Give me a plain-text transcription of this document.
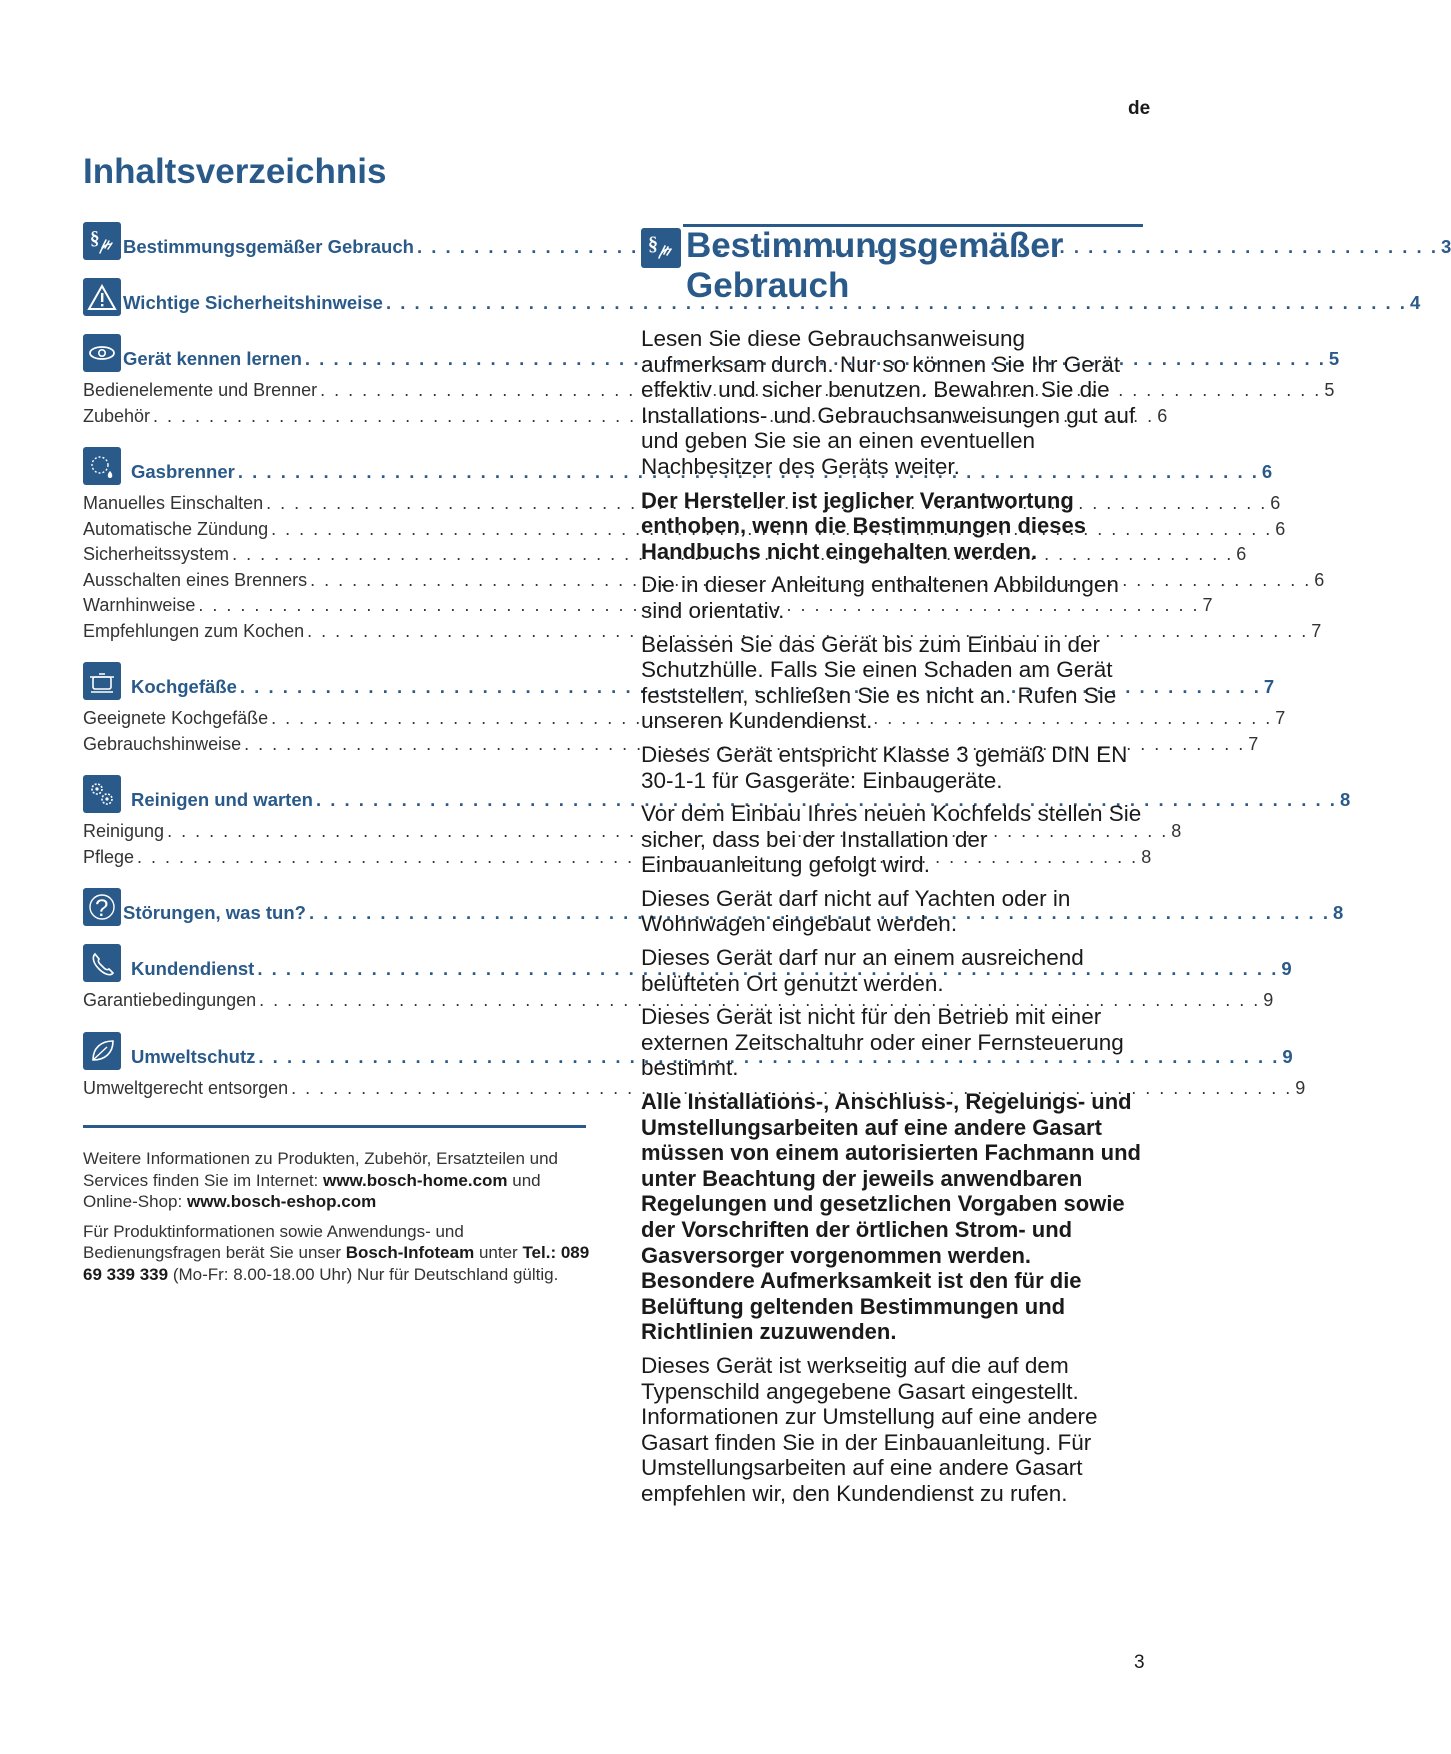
de
Inhaltsverzeichnis
§ Bestimmungsgemäßer Gebrauch . . .	3
Wichtige Sicherheitshinweise . . .	4
Gerät kennen lernen . . .	5
Bedienelemente und Brenner . . .	5
Zubehör . . .	6
Gasbrenner . . .	6
Manuelles Einschalten . . .	6
Automatische Zündung . . .	6
Sicherheitssystem . . .	6
Ausschalten eines Brenners . . .	6
Warnhinweise . . .	7
Empfehlungen zum Kochen . . .	7
Kochgefäße . . .	7
Geeignete Kochgefäße . . .	7
Gebrauchshinweise . . .	7
Reinigen und warten . . .	8
Reinigung . . .	8
Pflege . . .	8
? Störungen, was tun? . . .	8
Kundendienst . . .	9
Garantiebedingungen . . .	9
Umweltschutz . . .	9
Umweltgerecht entsorgen . . .	9

Weitere Informationen zu Produkten, Zubehör, Ersatzteilen und Services finden Sie im Internet: www.bosch-home.com und Online-Shop: www.bosch-eshop.com

Für Produktinformationen sowie Anwendungs- und Bedienungsfragen berät Sie unser Bosch-Infoteam unter Tel.: 089 69 339 339 (Mo-Fr: 8.00-18.00 Uhr) Nur für Deutschland gültig.

§ Bestimmungsgemäßer
Gebrauch

Lesen Sie diese Gebrauchsanweisung aufmerksam durch. Nur so können Sie Ihr Gerät effektiv und sicher benutzen. Bewahren Sie die Installations- und Gebrauchsanweisungen gut auf und geben Sie sie an einen eventuellen Nachbesitzer des Geräts weiter.

Der Hersteller ist jeglicher Verantwortung enthoben, wenn die Bestimmungen dieses Handbuchs nicht eingehalten werden.

Die in dieser Anleitung enthaltenen Abbildungen sind orientativ.

Belassen Sie das Gerät bis zum Einbau in der Schutzhülle. Falls Sie einen Schaden am Gerät feststellen, schließen Sie es nicht an. Rufen Sie unseren Kundendienst.

Dieses Gerät entspricht Klasse 3 gemäß DIN EN 30-1-1 für Gasgeräte: Einbaugeräte.

Vor dem Einbau Ihres neuen Kochfelds stellen Sie sicher, dass bei der Installation der Einbauanleitung gefolgt wird.

Dieses Gerät darf nicht auf Yachten oder in Wohnwagen eingebaut werden.

Dieses Gerät darf nur an einem ausreichend belüfteten Ort genutzt werden.

Dieses Gerät ist nicht für den Betrieb mit einer externen Zeitschaltuhr oder einer Fernsteuerung bestimmt.

Alle Installations-, Anschluss-, Regelungs- und Umstellungsarbeiten auf eine andere Gasart müssen von einem autorisierten Fachmann und unter Beachtung der jeweils anwendbaren Regelungen und gesetzlichen Vorgaben sowie der Vorschriften der örtlichen Strom- und Gasversorger vorgenommen werden. Besondere Aufmerksamkeit ist den für die Belüftung geltenden Bestimmungen und Richtlinien zuzuwenden.

Dieses Gerät ist werkseitig auf die auf dem Typenschild angegebene Gasart eingestellt. Informationen zur Umstellung auf eine andere Gasart finden Sie in der Einbauanleitung. Für Umstellungsarbeiten auf eine andere Gasart empfehlen wir, den Kundendienst zu rufen.

3
